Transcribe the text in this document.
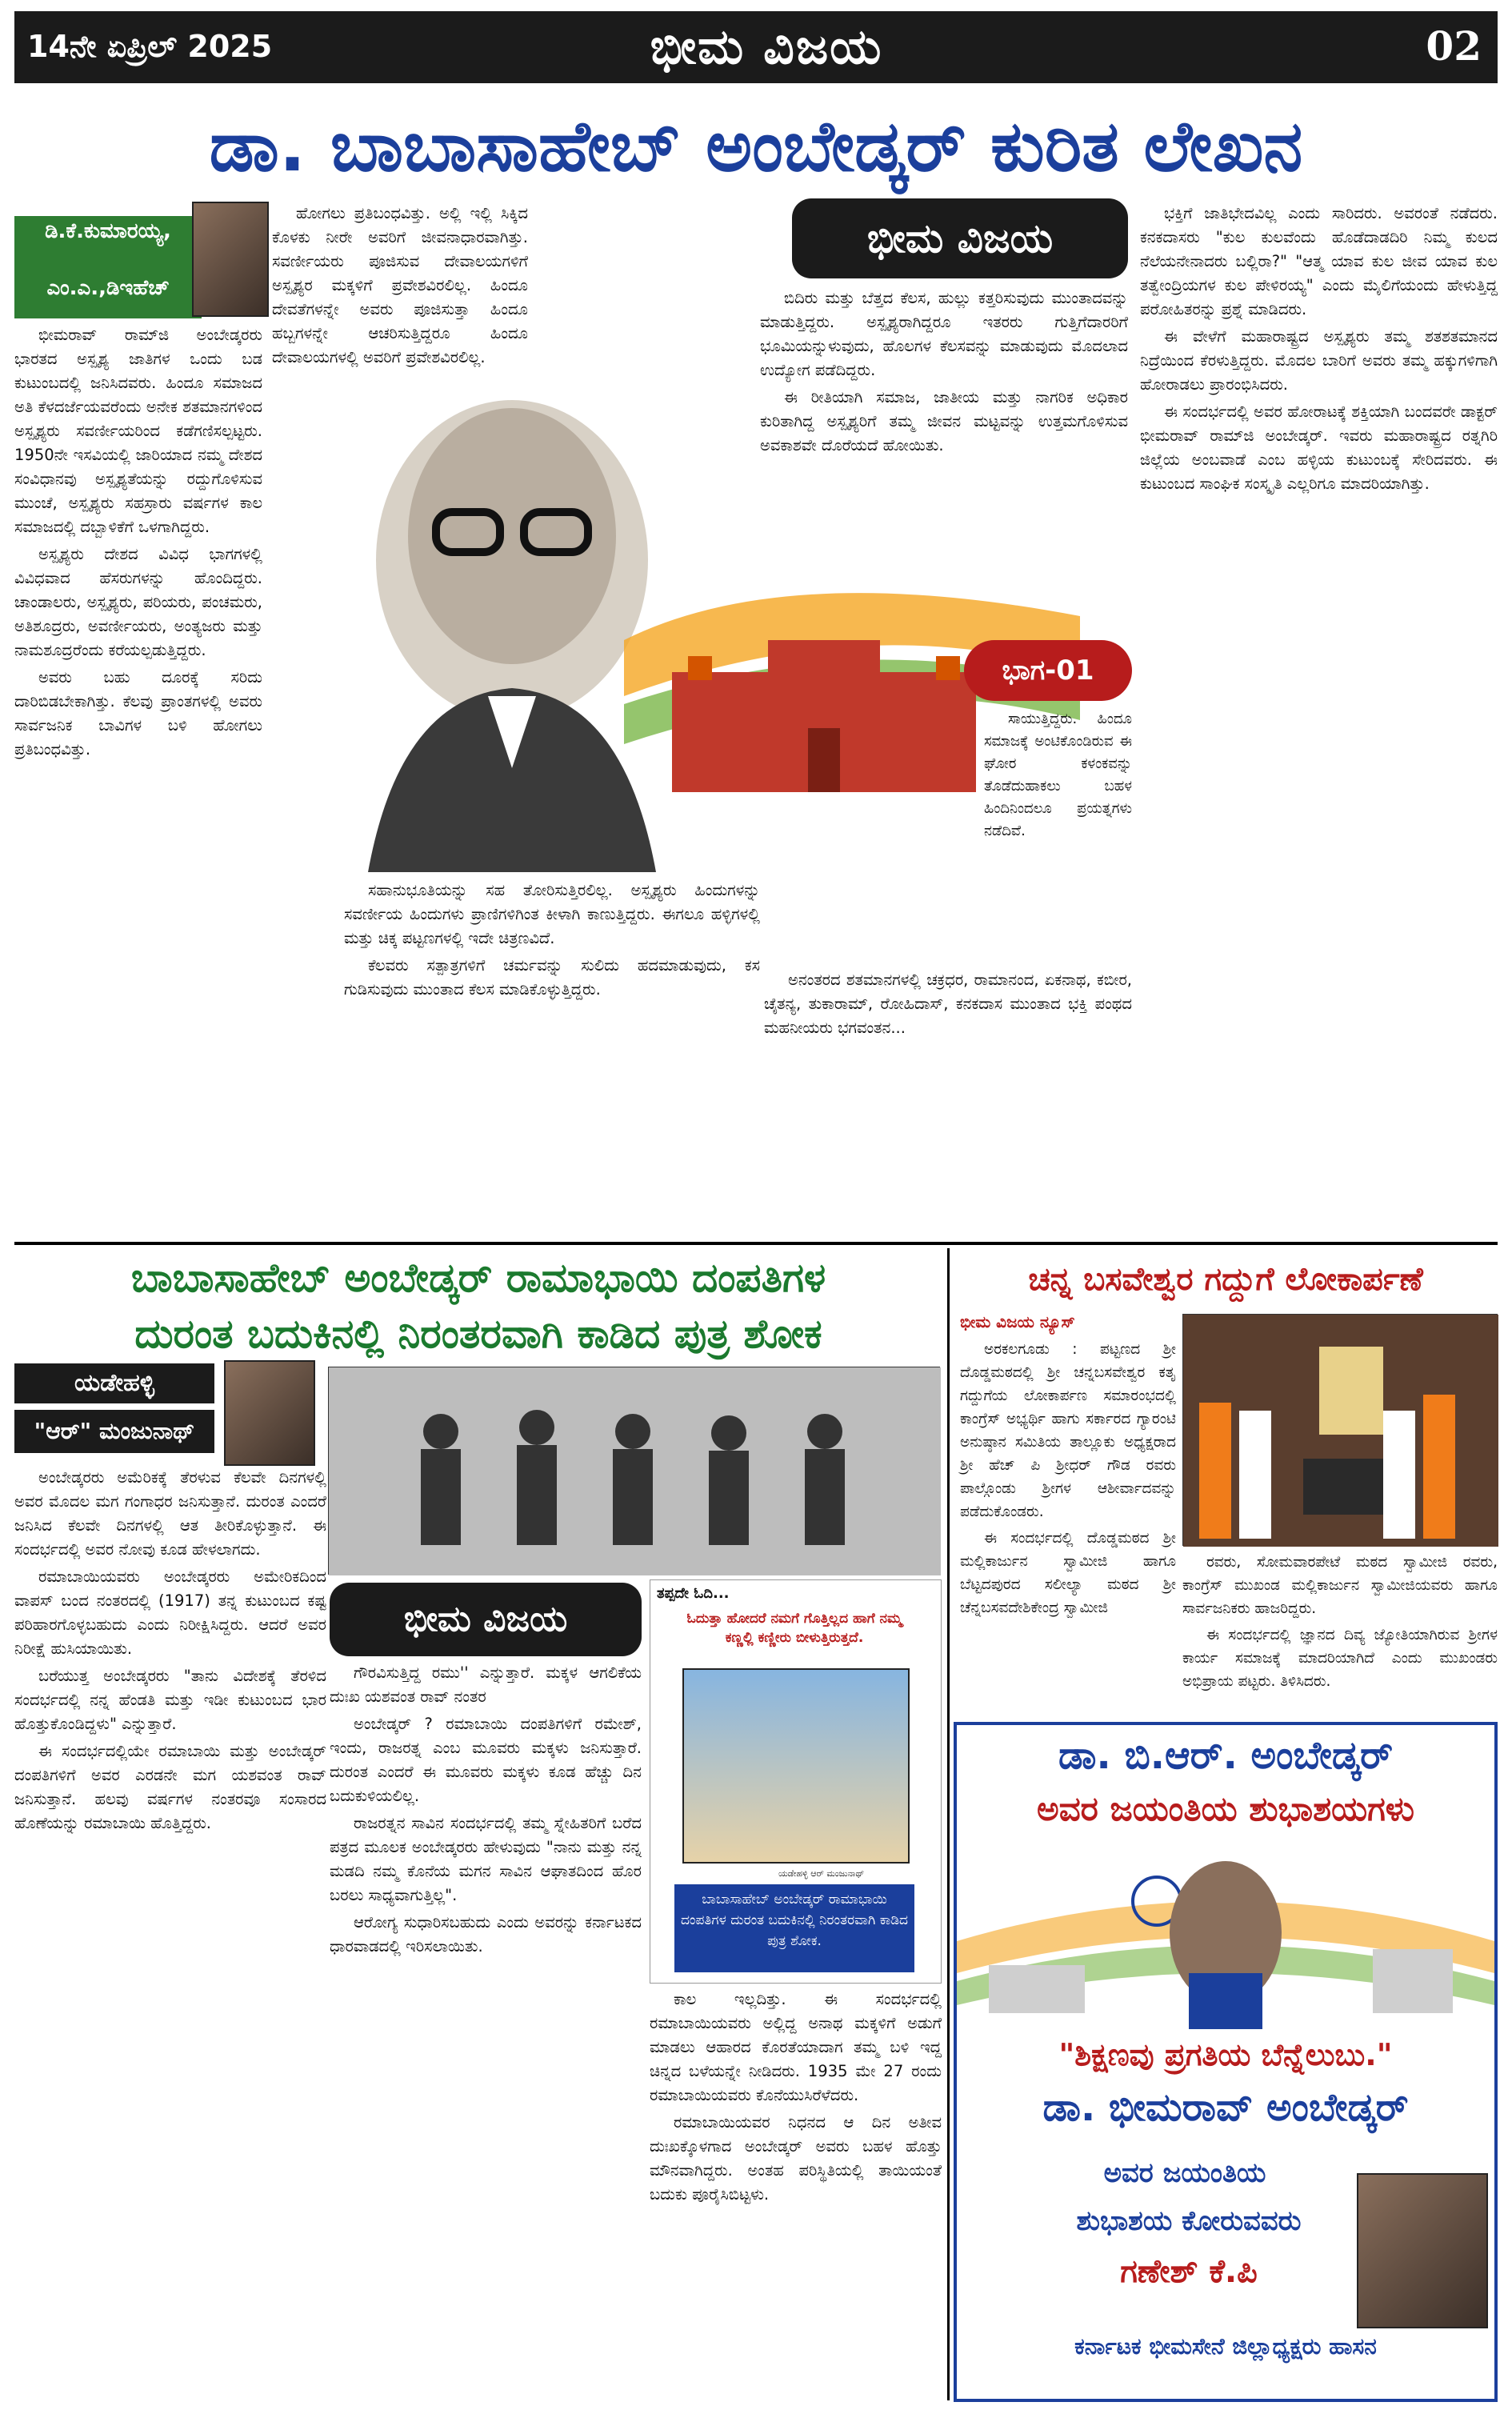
14ನೇ ಏಪ್ರಿಲ್ 2025	ಭೀಮ ವಿಜಯ	02
ಡಾ. ಬಾಬಾಸಾಹೇಬ್ ಅಂಬೇಡ್ಕರ್ ಕುರಿತ ಲೇಖನ
ಡಿ.ಕೆ.ಕುಮಾರಯ್ಯ,
ಎಂ.ಎ.,ಡಿಇಹೆಚ್

ಭೀಮರಾವ್ ರಾಮ್‌ಜಿ ಅಂಬೇಡ್ಕರರು ಭಾರತದ ಅಸ್ಪೃಶ್ಯ ಜಾತಿಗಳ ಒಂದು ಬಡ ಕುಟುಂಬದಲ್ಲಿ ಜನಿಸಿದವರು. ಹಿಂದೂ ಸಮಾಜದ ಅತಿ ಕೆಳದರ್ಜೆಯವರೆಂದು ಅನೇಕ ಶತಮಾನಗಳಿಂದ ಅಸ್ಪೃಶ್ಯರು ಸವರ್ಣೀಯರಿಂದ ಕಡೆಗಣಿಸಲ್ಪಟ್ಟರು. 1950ನೇ ಇಸವಿಯಲ್ಲಿ ಜಾರಿಯಾದ ನಮ್ಮ ದೇಶದ ಸಂವಿಧಾನವು ಅಸ್ಪೃಶ್ಯತೆಯನ್ನು ರದ್ದುಗೊಳಿಸುವ ಮುಂಚೆ, ಅಸ್ಪೃಶ್ಯರು ಸಹಸ್ರಾರು ವರ್ಷಗಳ ಕಾಲ ಸಮಾಜದಲ್ಲಿ ದಬ್ಬಾಳಿಕೆಗೆ ಒಳಗಾಗಿದ್ದರು.

ಅಸ್ಪೃಶ್ಯರು ದೇಶದ ವಿವಿಧ ಭಾಗಗಳಲ್ಲಿ ವಿವಿಧವಾದ ಹೆಸರುಗಳನ್ನು ಹೊಂದಿದ್ದರು. ಚಾಂಡಾಲರು, ಅಸ್ಪೃಶ್ಯರು, ಪರಿಯರು, ಪಂಚಮರು, ಅತಿಶೂದ್ರರು, ಅವರ್ಣೀಯರು, ಅಂತ್ಯಜರು ಮತ್ತು ನಾಮಶೂದ್ರರೆಂದು ಕರೆಯಲ್ಪಡುತ್ತಿದ್ದರು.

ಅವರು ಬಹು ದೂರಕ್ಕೆ ಸರಿದು ದಾರಿಬಿಡಬೇಕಾಗಿತ್ತು. ಕೆಲವು ಪ್ರಾಂತಗಳಲ್ಲಿ ಅವರು ಸಾರ್ವಜನಿಕ ಬಾವಿಗಳ ಬಳಿ ಹೋಗಲು ಪ್ರತಿಬಂಧವಿತ್ತು.

ಹೋಗಲು ಪ್ರತಿಬಂಧವಿತ್ತು. ಅಲ್ಲಿ ಇಲ್ಲಿ ಸಿಕ್ಕಿದ ಕೊಳಕು ನೀರೇ ಅವರಿಗೆ ಜೀವನಾಧಾರವಾಗಿತ್ತು. ಸವರ್ಣೀಯರು ಪೂಜಿಸುವ ದೇವಾಲಯಗಳಿಗೆ ಅಸ್ಪೃಶ್ಯರ ಮಕ್ಕಳಿಗೆ ಪ್ರವೇಶವಿರಲಿಲ್ಲ. ಹಿಂದೂ ದೇವತೆಗಳನ್ನೇ ಅವರು ಪೂಜಿಸುತ್ತಾ ಹಿಂದೂ ಹಬ್ಬಗಳನ್ನೇ ಆಚರಿಸುತ್ತಿದ್ದರೂ ಹಿಂದೂ ದೇವಾಲಯಗಳಲ್ಲಿ ಅವರಿಗೆ ಪ್ರವೇಶವಿರಲಿಲ್ಲ.

ಸಹಾನುಭೂತಿಯನ್ನು ಸಹ ತೋರಿಸುತ್ತಿರಲಿಲ್ಲ. ಅಸ್ಪೃಶ್ಯರು ಹಿಂದುಗಳನ್ನು ಸವರ್ಣೀಯ ಹಿಂದುಗಳು ಪ್ರಾಣಿಗಳಿಗಿಂತ ಕೀಳಾಗಿ ಕಾಣುತ್ತಿದ್ದರು. ಈಗಲೂ ಹಳ್ಳಿಗಳಲ್ಲಿ ಮತ್ತು ಚಿಕ್ಕ ಪಟ್ಟಣಗಳಲ್ಲಿ ಇದೇ ಚಿತ್ರಣವಿದೆ.

ಕೆಲವರು ಸತ್ಪಾತ್ರಗಳಿಗೆ ಚರ್ಮವನ್ನು ಸುಲಿದು ಹದಮಾಡುವುದು, ಕಸ ಗುಡಿಸುವುದು ಮುಂತಾದ ಕೆಲಸ ಮಾಡಿಕೊಳ್ಳುತ್ತಿದ್ದರು.

ಭೀಮ ವಿಜಯ
ಭಾಗ-01

ಬಿದಿರು ಮತ್ತು ಬೆತ್ತದ ಕೆಲಸ, ಹುಲ್ಲು ಕತ್ತರಿಸುವುದು ಮುಂತಾದವನ್ನು ಮಾಡುತ್ತಿದ್ದರು. ಅಸ್ಪೃಶ್ಯರಾಗಿದ್ದರೂ ಇತರರು ಗುತ್ತಿಗೆದಾರರಿಗೆ ಭೂಮಿಯನ್ನುಳುವುದು, ಹೊಲಗಳ ಕೆಲಸವನ್ನು ಮಾಡುವುದು ಮೊದಲಾದ ಉದ್ಯೋಗ ಪಡೆದಿದ್ದರು.

ಈ ರೀತಿಯಾಗಿ ಸಮಾಜ, ಜಾತೀಯ ಮತ್ತು ನಾಗರಿಕ ಅಧಿಕಾರ ಕುರಿತಾಗಿದ್ದ ಅಸ್ಪೃಶ್ಯರಿಗೆ ತಮ್ಮ ಜೀವನ ಮಟ್ಟವನ್ನು ಉತ್ತಮಗೊಳಿಸುವ ಅವಕಾಶವೇ ದೊರೆಯದೆ ಹೋಯಿತು.

ಸಾಯುತ್ತಿದ್ದರು. ಹಿಂದೂ ಸಮಾಜಕ್ಕೆ ಅಂಟಿಕೊಂಡಿರುವ ಈ ಘೋರ ಕಳಂಕವನ್ನು ತೊಡೆದುಹಾಕಲು ಬಹಳ ಹಿಂದಿನಿಂದಲೂ ಪ್ರಯತ್ನಗಳು ನಡೆದಿವೆ.

ಅನಂತರದ ಶತಮಾನಗಳಲ್ಲಿ ಚಕ್ರಧರ, ರಾಮಾನಂದ, ಏಕನಾಥ, ಕಬೀರ, ಚೈತನ್ಯ, ತುಕಾರಾಮ್, ರೋಹಿದಾಸ್, ಕನಕದಾಸ ಮುಂತಾದ ಭಕ್ತಿ ಪಂಥದ ಮಹನೀಯರು ಭಗವಂತನ...

ಭಕ್ತಿಗೆ ಜಾತಿಭೇದವಿಲ್ಲ ಎಂದು ಸಾರಿದರು. ಅವರಂತೆ ನಡೆದರು. ಕನಕದಾಸರು "ಕುಲ ಕುಲವೆಂದು ಹೊಡೆದಾಡದಿರಿ ನಿಮ್ಮ ಕುಲದ ನೆಲೆಯನೇನಾದರು ಬಲ್ಲಿರಾ?" "ಆತ್ಮ ಯಾವ ಕುಲ ಜೀವ ಯಾವ ಕುಲ ತತ್ವೇಂದ್ರಿಯಗಳ ಕುಲ ಪೇಳಿರಯ್ಯ" ಎಂದು ಮೈಲಿಗೆಯಂದು ಹೇಳುತ್ತಿದ್ದ ಪರೋಹಿತರನ್ನು ಪ್ರಶ್ನೆ ಮಾಡಿದರು.

ಈ ವೇಳೆಗೆ ಮಹಾರಾಷ್ಟ್ರದ ಅಸ್ಪೃಶ್ಯರು ತಮ್ಮ ಶತಶತಮಾನದ ನಿದ್ರೆಯಿಂದ ಕೆರಳುತ್ತಿದ್ದರು. ಮೊದಲ ಬಾರಿಗೆ ಅವರು ತಮ್ಮ ಹಕ್ಕುಗಳಿಗಾಗಿ ಹೋರಾಡಲು ಪ್ರಾರಂಭಿಸಿದರು.

ಈ ಸಂದರ್ಭದಲ್ಲಿ ಅವರ ಹೋರಾಟಕ್ಕೆ ಶಕ್ತಿಯಾಗಿ ಬಂದವರೇ ಡಾಕ್ಟರ್ ಭೀಮರಾವ್ ರಾಮ್‌ಜಿ ಅಂಬೇಡ್ಕರ್. ಇವರು ಮಹಾರಾಷ್ಟ್ರದ ರತ್ನಗಿರಿ ಜಿಲ್ಲೆಯ ಅಂಬವಾಡೆ ಎಂಬ ಹಳ್ಳಿಯ ಕುಟುಂಬಕ್ಕೆ ಸೇರಿದವರು. ಈ ಕುಟುಂಬದ ಸಾಂಘಿಕ ಸಂಸ್ಕೃತಿ ಎಲ್ಲರಿಗೂ ಮಾದರಿಯಾಗಿತ್ತು.

ಬಾಬಾಸಾಹೇಬ್ ಅಂಬೇಡ್ಕರ್ ರಾಮಾಭಾಯಿ ದಂಪತಿಗಳ
ದುರಂತ ಬದುಕಿನಲ್ಲಿ ನಿರಂತರವಾಗಿ ಕಾಡಿದ ಪುತ್ರ ಶೋಕ
ಯಡೇಹಳ್ಳಿ
"ಆರ್" ಮಂಜುನಾಥ್

ಅಂಬೇಡ್ಕರರು ಅಮೆರಿಕಕ್ಕೆ ತೆರಳುವ ಕೆಲವೇ ದಿನಗಳಲ್ಲಿ ಅವರ ಮೊದಲ ಮಗ ಗಂಗಾಧರ ಜನಿಸುತ್ತಾನೆ. ದುರಂತ ಎಂದರೆ ಜನಿಸಿದ ಕೆಲವೇ ದಿನಗಳಲ್ಲಿ ಆತ ತೀರಿಕೊಳ್ಳುತ್ತಾನೆ. ಈ ಸಂದರ್ಭದಲ್ಲಿ ಅವರ ನೋವು ಕೂಡ ಹೇಳಲಾಗದು.

ರಮಾಬಾಯಿಯವರು ಅಂಬೇಡ್ಕರರು ಅಮೇರಿಕದಿಂದ ವಾಪಸ್ ಬಂದ ನಂತರದಲ್ಲಿ (1917) ತನ್ನ ಕುಟುಂಬದ ಕಷ್ಟ ಪರಿಹಾರಗೊಳ್ಳಬಹುದು ಎಂದು ನಿರೀಕ್ಷಿಸಿದ್ದರು. ಆದರೆ ಅವರ ನಿರೀಕ್ಷೆ ಹುಸಿಯಾಯಿತು.

ಬರೆಯುತ್ತ ಅಂಬೇಡ್ಕರರು "ತಾನು ವಿದೇಶಕ್ಕೆ ತೆರಳಿದ ಸಂದರ್ಭದಲ್ಲಿ ನನ್ನ ಹೆಂಡತಿ ಮತ್ತು ಇಡೀ ಕುಟುಂಬದ ಭಾರ ಹೊತ್ತುಕೊಂಡಿದ್ದಳು" ಎನ್ನುತ್ತಾರೆ.

ಈ ಸಂದರ್ಭದಲ್ಲಿಯೇ ರಮಾಬಾಯಿ ಮತ್ತು ಅಂಬೇಡ್ಕರ್ ದಂಪತಿಗಳಿಗೆ ಅವರ ಎರಡನೇ ಮಗ ಯಶವಂತ ರಾವ್ ಜನಿಸುತ್ತಾನೆ. ಹಲವು ವರ್ಷಗಳ ನಂತರವೂ ಸಂಸಾರದ ಹೊಣೆಯನ್ನು ರಮಾಬಾಯಿ ಹೊತ್ತಿದ್ದರು.

ಭೀಮ ವಿಜಯ

ಗೌರವಿಸುತ್ತಿದ್ದ ರಮು'' ಎನ್ನುತ್ತಾರೆ. ಮಕ್ಕಳ ಆಗಲಿಕೆಯ ದುಃಖ ಯಶವಂತ ರಾವ್ ನಂತರ

ಅಂಬೇಡ್ಕರ್ ? ರಮಾಬಾಯಿ ದಂಪತಿಗಳಿಗೆ ರಮೇಶ್, ಇಂದು, ರಾಜರತ್ನ ಎಂಬ ಮೂವರು ಮಕ್ಕಳು ಜನಿಸುತ್ತಾರೆ. ದುರಂತ ಎಂದರೆ ಈ ಮೂವರು ಮಕ್ಕಳು ಕೂಡ ಹೆಚ್ಚು ದಿನ ಬದುಕುಳಿಯಲಿಲ್ಲ.

ರಾಜರತ್ನನ ಸಾವಿನ ಸಂದರ್ಭದಲ್ಲಿ ತಮ್ಮ ಸ್ನೇಹಿತರಿಗೆ ಬರೆದ ಪತ್ರದ ಮೂಲಕ ಅಂಬೇಡ್ಕರರು ಹೇಳುವುದು "ನಾನು ಮತ್ತು ನನ್ನ ಮಡದಿ ನಮ್ಮ ಕೊನೆಯ ಮಗನ ಸಾವಿನ ಆಘಾತದಿಂದ ಹೊರ ಬರಲು ಸಾಧ್ಯವಾಗುತ್ತಿಲ್ಲ".

ಆರೋಗ್ಯ ಸುಧಾರಿಸಬಹುದು ಎಂದು ಅವರನ್ನು ಕರ್ನಾಟಕದ ಧಾರವಾಡದಲ್ಲಿ ಇರಿಸಲಾಯಿತು.

ತಪ್ಪದೇ ಓದಿ...
ಓದುತ್ತಾ ಹೋದರೆ ನಮಗೆ ಗೊತ್ತಿಲ್ಲದ ಹಾಗೆ ನಮ್ಮ ಕಣ್ಣಲ್ಲಿ ಕಣ್ಣೀರು ಬೀಳುತ್ತಿರುತ್ತದೆ.
ಯಡೇಹಳ್ಳಿ ಆರ್ ಮಂಜುನಾಥ್
ಬಾಬಾಸಾಹೇಬ್ ಅಂಬೇಡ್ಕರ್ ರಾಮಾಭಾಯಿ ದಂಪತಿಗಳ ದುರಂತ ಬದುಕಿನಲ್ಲಿ ನಿರಂತರವಾಗಿ ಕಾಡಿದ ಪುತ್ರ ಶೋಕ.

ಕಾಲ ಇಲ್ಲದಿತ್ತು. ಈ ಸಂದರ್ಭದಲ್ಲಿ ರಮಾಬಾಯಿಯವರು ಅಲ್ಲಿದ್ದ ಅನಾಥ ಮಕ್ಕಳಿಗೆ ಅಡುಗೆ ಮಾಡಲು ಆಹಾರದ ಕೊರತೆಯಾದಾಗ ತಮ್ಮ ಬಳಿ ಇದ್ದ ಚಿನ್ನದ ಬಳೆಯನ್ನೇ ನೀಡಿದರು. 1935 ಮೇ 27 ರಂದು ರಮಾಬಾಯಿಯವರು ಕೊನೆಯುಸಿರೆಳೆದರು.

ರಮಾಬಾಯಿಯವರ ನಿಧನದ ಆ ದಿನ ಅತೀವ ದುಃಖಕ್ಕೊಳಗಾದ ಅಂಬೇಡ್ಕರ್ ಅವರು ಬಹಳ ಹೊತ್ತು ಮೌನವಾಗಿದ್ದರು. ಅಂತಹ ಪರಿಸ್ಥಿತಿಯಲ್ಲಿ ತಾಯಿಯಂತೆ ಬದುಕು ಪೂರೈಸಿಬಿಟ್ಟಳು.

ಚನ್ನ ಬಸವೇಶ್ವರ ಗದ್ದುಗೆ ಲೋಕಾರ್ಪಣೆ
ಭೀಮ ವಿಜಯ ನ್ಯೂಸ್

ಅರಕಲಗೂಡು : ಪಟ್ಟಣದ ಶ್ರೀ ದೊಡ್ಡಮಠದಲ್ಲಿ ಶ್ರೀ ಚನ್ನಬಸವೇಶ್ವರ ಕತೃ ಗದ್ದುಗೆಯ ಲೋಕಾರ್ಪಣ ಸಮಾರಂಭದಲ್ಲಿ ಕಾಂಗ್ರೆಸ್ ಅಭ್ಯರ್ಥಿ ಹಾಗು ಸರ್ಕಾರದ ಗ್ಯಾರಂಟಿ ಅನುಷ್ಠಾನ ಸಮಿತಿಯ ತಾಲ್ಲೂಕು ಅಧ್ಯಕ್ಷರಾದ ಶ್ರೀ ಹೆಚ್ ಪಿ ಶ್ರೀಧರ್ ಗೌಡ ರವರು ಪಾಲ್ಗೊಂಡು ಶ್ರೀಗಳ ಆಶೀರ್ವಾದವನ್ನು ಪಡೆದುಕೊಂಡರು.

ಈ ಸಂದರ್ಭದಲ್ಲಿ ದೊಡ್ಡಮಠದ ಶ್ರೀ ಮಲ್ಲಿಕಾರ್ಜುನ ಸ್ವಾಮೀಜಿ ಹಾಗೂ ಬೆಟ್ಟದಪುರದ ಸಲೀಲ್ಯಾ ಮಠದ ಶ್ರೀ ಚೆನ್ನಬಸವದೇಶಿಕೇಂದ್ರ ಸ್ವಾಮೀಜಿ

ರವರು, ಸೋಮವಾರಪೇಟೆ ಮಠದ ಸ್ವಾಮೀಜಿ ರವರು, ಕಾಂಗ್ರೆಸ್ ಮುಖಂಡ ಮಲ್ಲಿಕಾರ್ಜುನ ಸ್ವಾಮೀಜಿಯವರು ಹಾಗೂ ಸಾರ್ವಜನಿಕರು ಹಾಜರಿದ್ದರು.

ಈ ಸಂದರ್ಭದಲ್ಲಿ ಜ್ಞಾನದ ದಿವ್ಯ ಜ್ಯೋತಿಯಾಗಿರುವ ಶ್ರೀಗಳ ಕಾರ್ಯ ಸಮಾಜಕ್ಕೆ ಮಾದರಿಯಾಗಿದೆ ಎಂದು ಮುಖಂಡರು ಅಭಿಪ್ರಾಯ ಪಟ್ಟರು. ತಿಳಿಸಿದರು.

ಡಾ. ಬಿ.ಆರ್. ಅಂಬೇಡ್ಕರ್
ಅವರ ಜಯಂತಿಯ ಶುಭಾಶಯಗಳು
"ಶಿಕ್ಷಣವು ಪ್ರಗತಿಯ ಬೆನ್ನೆಲುಬು."
ಡಾ. ಭೀಮರಾವ್ ಅಂಬೇಡ್ಕರ್
ಅವರ ಜಯಂತಿಯ
ಶುಭಾಶಯ ಕೋರುವವರು
ಗಣೇಶ್ ಕೆ.ಪಿ
ಕರ್ನಾಟಕ ಭೀಮಸೇನೆ ಜಿಲ್ಲಾಧ್ಯಕ್ಷರು ಹಾಸನ
